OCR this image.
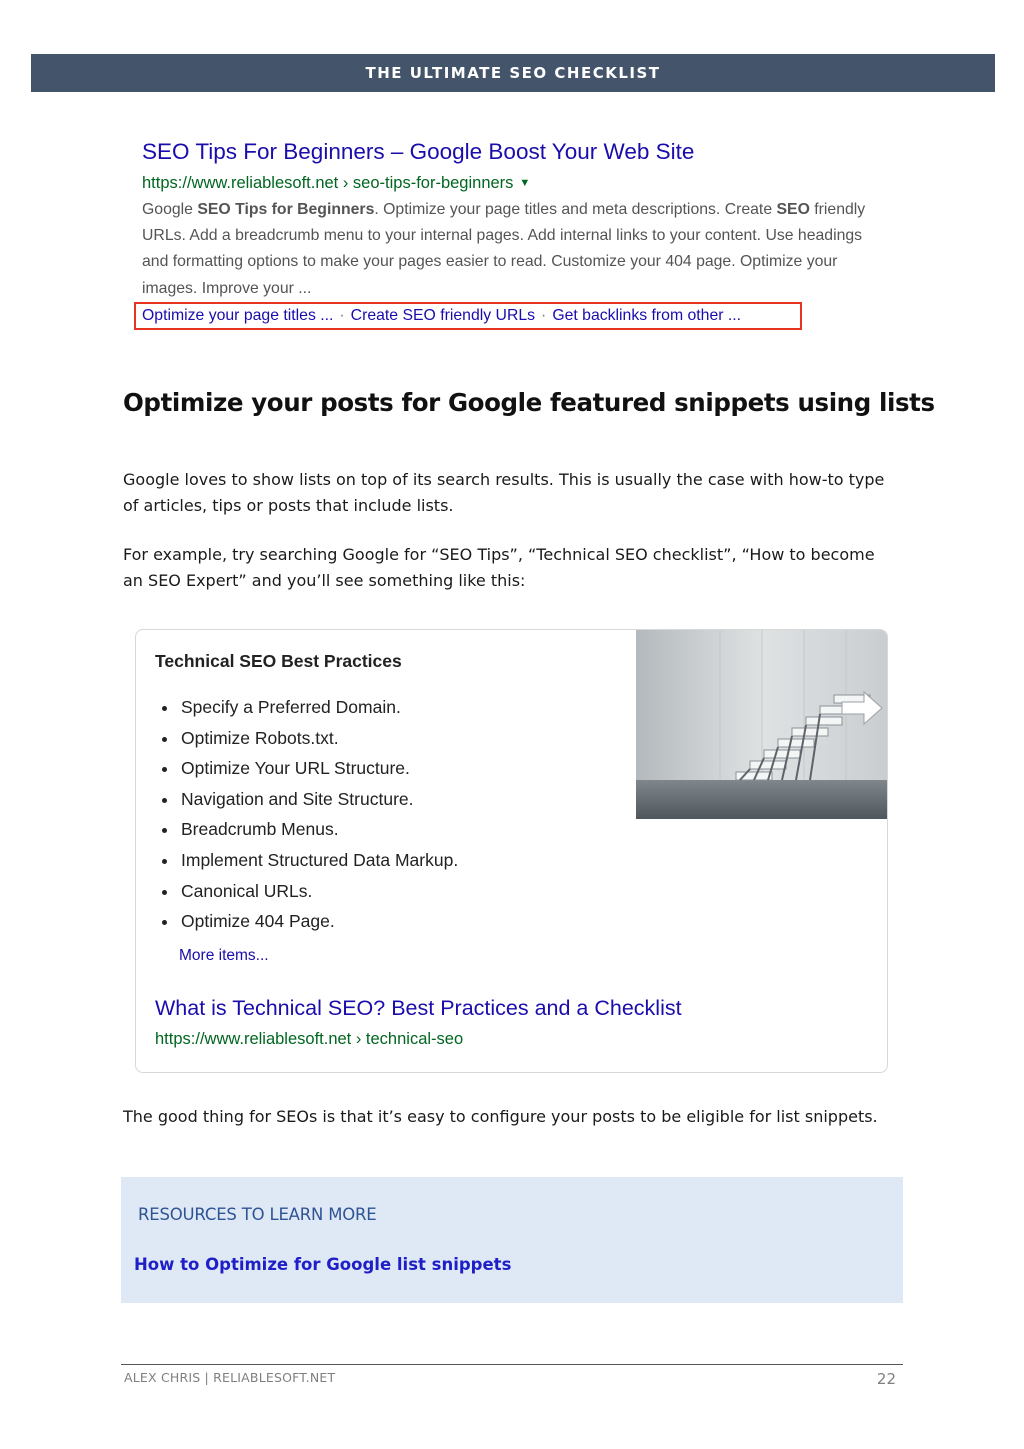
THE ULTIMATE SEO CHECKLIST
SEO Tips For Beginners – Google Boost Your Web Site
https://www.reliablesoft.net › seo-tips-for-beginners ▼
Google SEO Tips for Beginners. Optimize your page titles and meta descriptions. Create SEO friendly URLs. Add a breadcrumb menu to your internal pages. Add internal links to your content. Use headings and formatting options to make your pages easier to read. Customize your 404 page. Optimize your images. Improve your ...
Optimize your page titles ... · Create SEO friendly URLs · Get backlinks from other ...
Optimize your posts for Google featured snippets using lists
Google loves to show lists on top of its search results. This is usually the case with how-to type of articles, tips or posts that include lists.
For example, try searching Google for “SEO Tips”, “Technical SEO checklist”, “How to become an SEO Expert” and you’ll see something like this:
Technical SEO Best Practices
• Specify a Preferred Domain.
• Optimize Robots.txt.
• Optimize Your URL Structure.
• Navigation and Site Structure.
• Breadcrumb Menus.
• Implement Structured Data Markup.
• Canonical URLs.
• Optimize 404 Page.
More items...
What is Technical SEO? Best Practices and a Checklist
https://www.reliablesoft.net › technical-seo
The good thing for SEOs is that it’s easy to configure your posts to be eligible for list snippets.
RESOURCES TO LEARN MORE
How to Optimize for Google list snippets
ALEX CHRIS | RELIABLESOFT.NET	22
